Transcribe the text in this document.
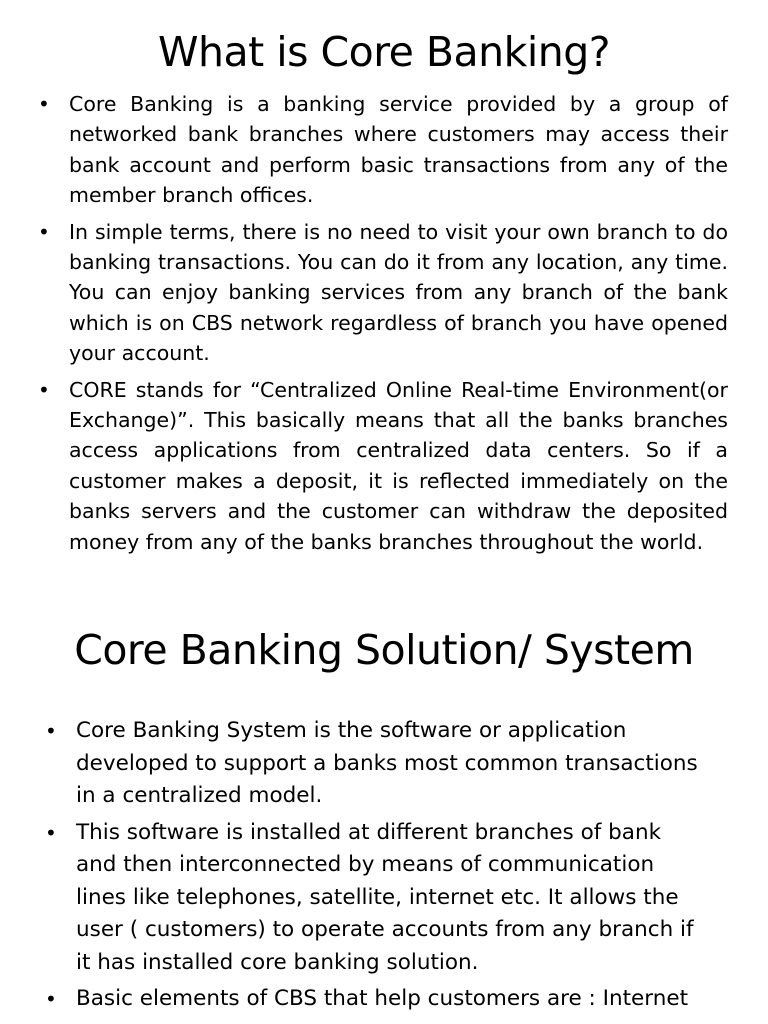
What is Core Banking?
• Core Banking is a banking service provided by a group of networked bank branches where customers may access their bank account and perform basic transactions from any of the member branch offices.
• In simple terms, there is no need to visit your own branch to do banking transactions. You can do it from any location, any time. You can enjoy banking services from any branch of the bank which is on CBS network regardless of branch you have opened your account.
• CORE stands for “Centralized Online Real-time Environment(or Exchange)”. This basically means that all the banks branches access applications from centralized data centers. So if a customer makes a deposit, it is reflected immediately on the banks servers and the customer can withdraw the deposited money from any of the banks branches throughout the world.
Core Banking Solution/ System
• Core Banking System is the software or application developed to support a banks most common transactions in a centralized model.
• This software is installed at different branches of bank and then interconnected by means of communication lines like telephones, satellite, internet etc. It allows the user ( customers) to operate accounts from any branch if it has installed core banking solution.
• Basic elements of CBS that help customers are : Internet
